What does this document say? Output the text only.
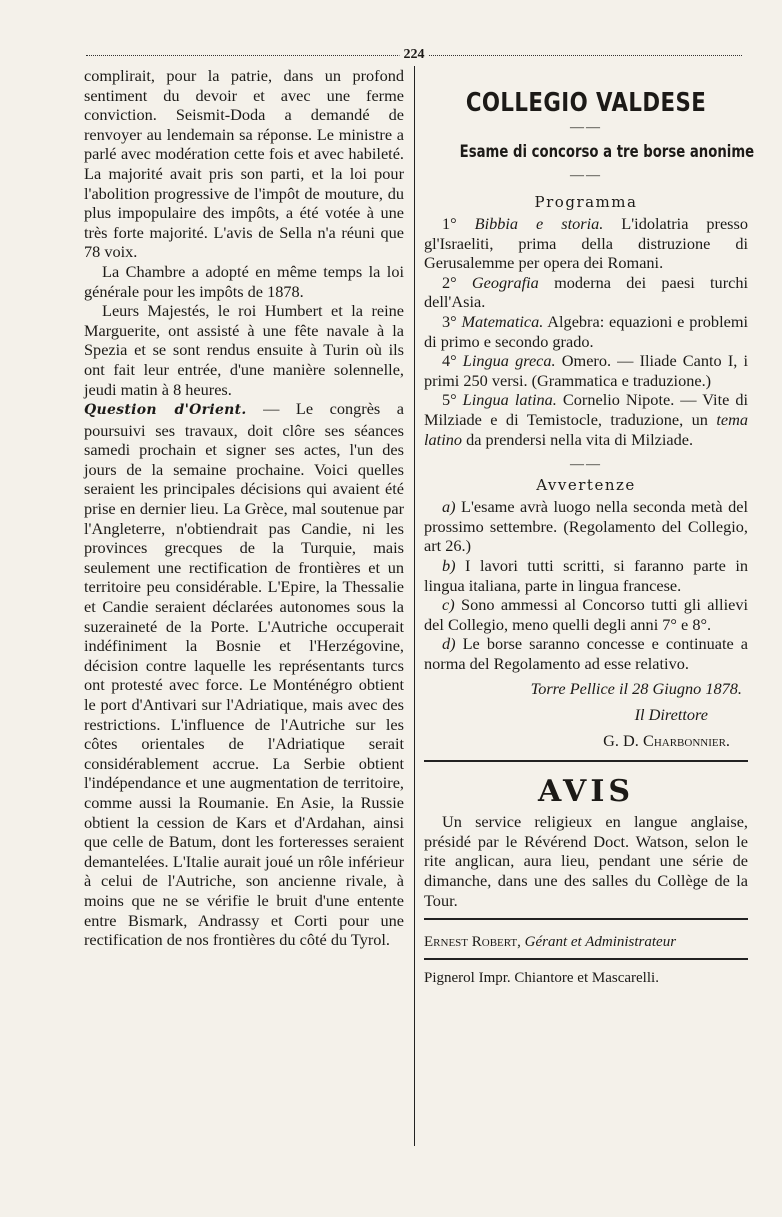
224

complirait, pour la patrie, dans un profond sentiment du devoir et avec une ferme conviction. Seismit-Doda a demandé de renvoyer au lendemain sa réponse. Le ministre a parlé avec modération cette fois et avec habileté. La majorité avait pris son parti, et la loi pour l'abolition progressive de l'impôt de mouture, du plus impopulaire des impôts, a été votée à une très forte majorité. L'avis de Sella n'a réuni que 78 voix.

La Chambre a adopté en même temps la loi générale pour les impôts de 1878.

Leurs Majestés, le roi Humbert et la reine Marguerite, ont assisté à une fête navale à la Spezia et se sont rendus ensuite à Turin où ils ont fait leur entrée, d'une manière solennelle, jeudi matin à 8 heures.

Question d'Orient. — Le congrès a poursuivi ses travaux, doit clôre ses séances samedi prochain et signer ses actes, l'un des jours de la semaine prochaine. Voici quelles seraient les principales décisions qui avaient été prise en dernier lieu. La Grèce, mal soutenue par l'Angleterre, n'obtiendrait pas Candie, ni les provinces grecques de la Turquie, mais seulement une rectification de frontières et un territoire peu considérable. L'Epire, la Thessalie et Candie seraient déclarées autonomes sous la suzeraineté de la Porte. L'Autriche occuperait indéfiniment la Bosnie et l'Herzégovine, décision contre laquelle les représentants turcs ont protesté avec force. Le Monténégro obtient le port d'Antivari sur l'Adriatique, mais avec des restrictions. L'influence de l'Autriche sur les côtes orientales de l'Adriatique serait considérablement accrue. La Serbie obtient l'indépendance et une augmentation de territoire, comme aussi la Roumanie. En Asie, la Russie obtient la cession de Kars et d'Ardahan, ainsi que celle de Batum, dont les forteresses seraient demantelées. L'Italie aurait joué un rôle inférieur à celui de l'Autriche, son ancienne rivale, à moins que ne se vérifie le bruit d'une entente entre Bismark, Andrassy et Corti pour une rectification de nos frontières du côté du Tyrol.

COLLEGIO VALDESE
——
Esame di concorso a tre borse anonime
——
Programma

1° Bibbia e storia. L'idolatria presso gl'Israeliti, prima della distruzione di Gerusalemme per opera dei Romani.

2° Geografia moderna dei paesi turchi dell'Asia.

3° Matematica. Algebra: equazioni e problemi di primo e secondo grado.

4° Lingua greca. Omero. — Iliade Canto I, i primi 250 versi. (Grammatica e traduzione.)

5° Lingua latina. Cornelio Nipote. — Vite di Milziade e di Temistocle, traduzione, un tema latino da prendersi nella vita di Milziade.

——
Avvertenze

a) L'esame avrà luogo nella seconda metà del prossimo settembre. (Regolamento del Collegio, art 26.)

b) I lavori tutti scritti, si faranno parte in lingua italiana, parte in lingua francese.

c) Sono ammessi al Concorso tutti gli allievi del Collegio, meno quelli degli anni 7° e 8°.

d) Le borse saranno concesse e continuate a norma del Regolamento ad esse relativo.

Torre Pellice il 28 Giugno 1878.

Il Direttore

G. D. Charbonnier.

AVIS

Un service religieux en langue anglaise, présidé par le Révérend Doct. Watson, selon le rite anglican, aura lieu, pendant une série de dimanche, dans une des salles du Collège de la Tour.

Ernest Robert, Gérant et Administrateur

Pignerol Impr. Chiantore et Mascarelli.
